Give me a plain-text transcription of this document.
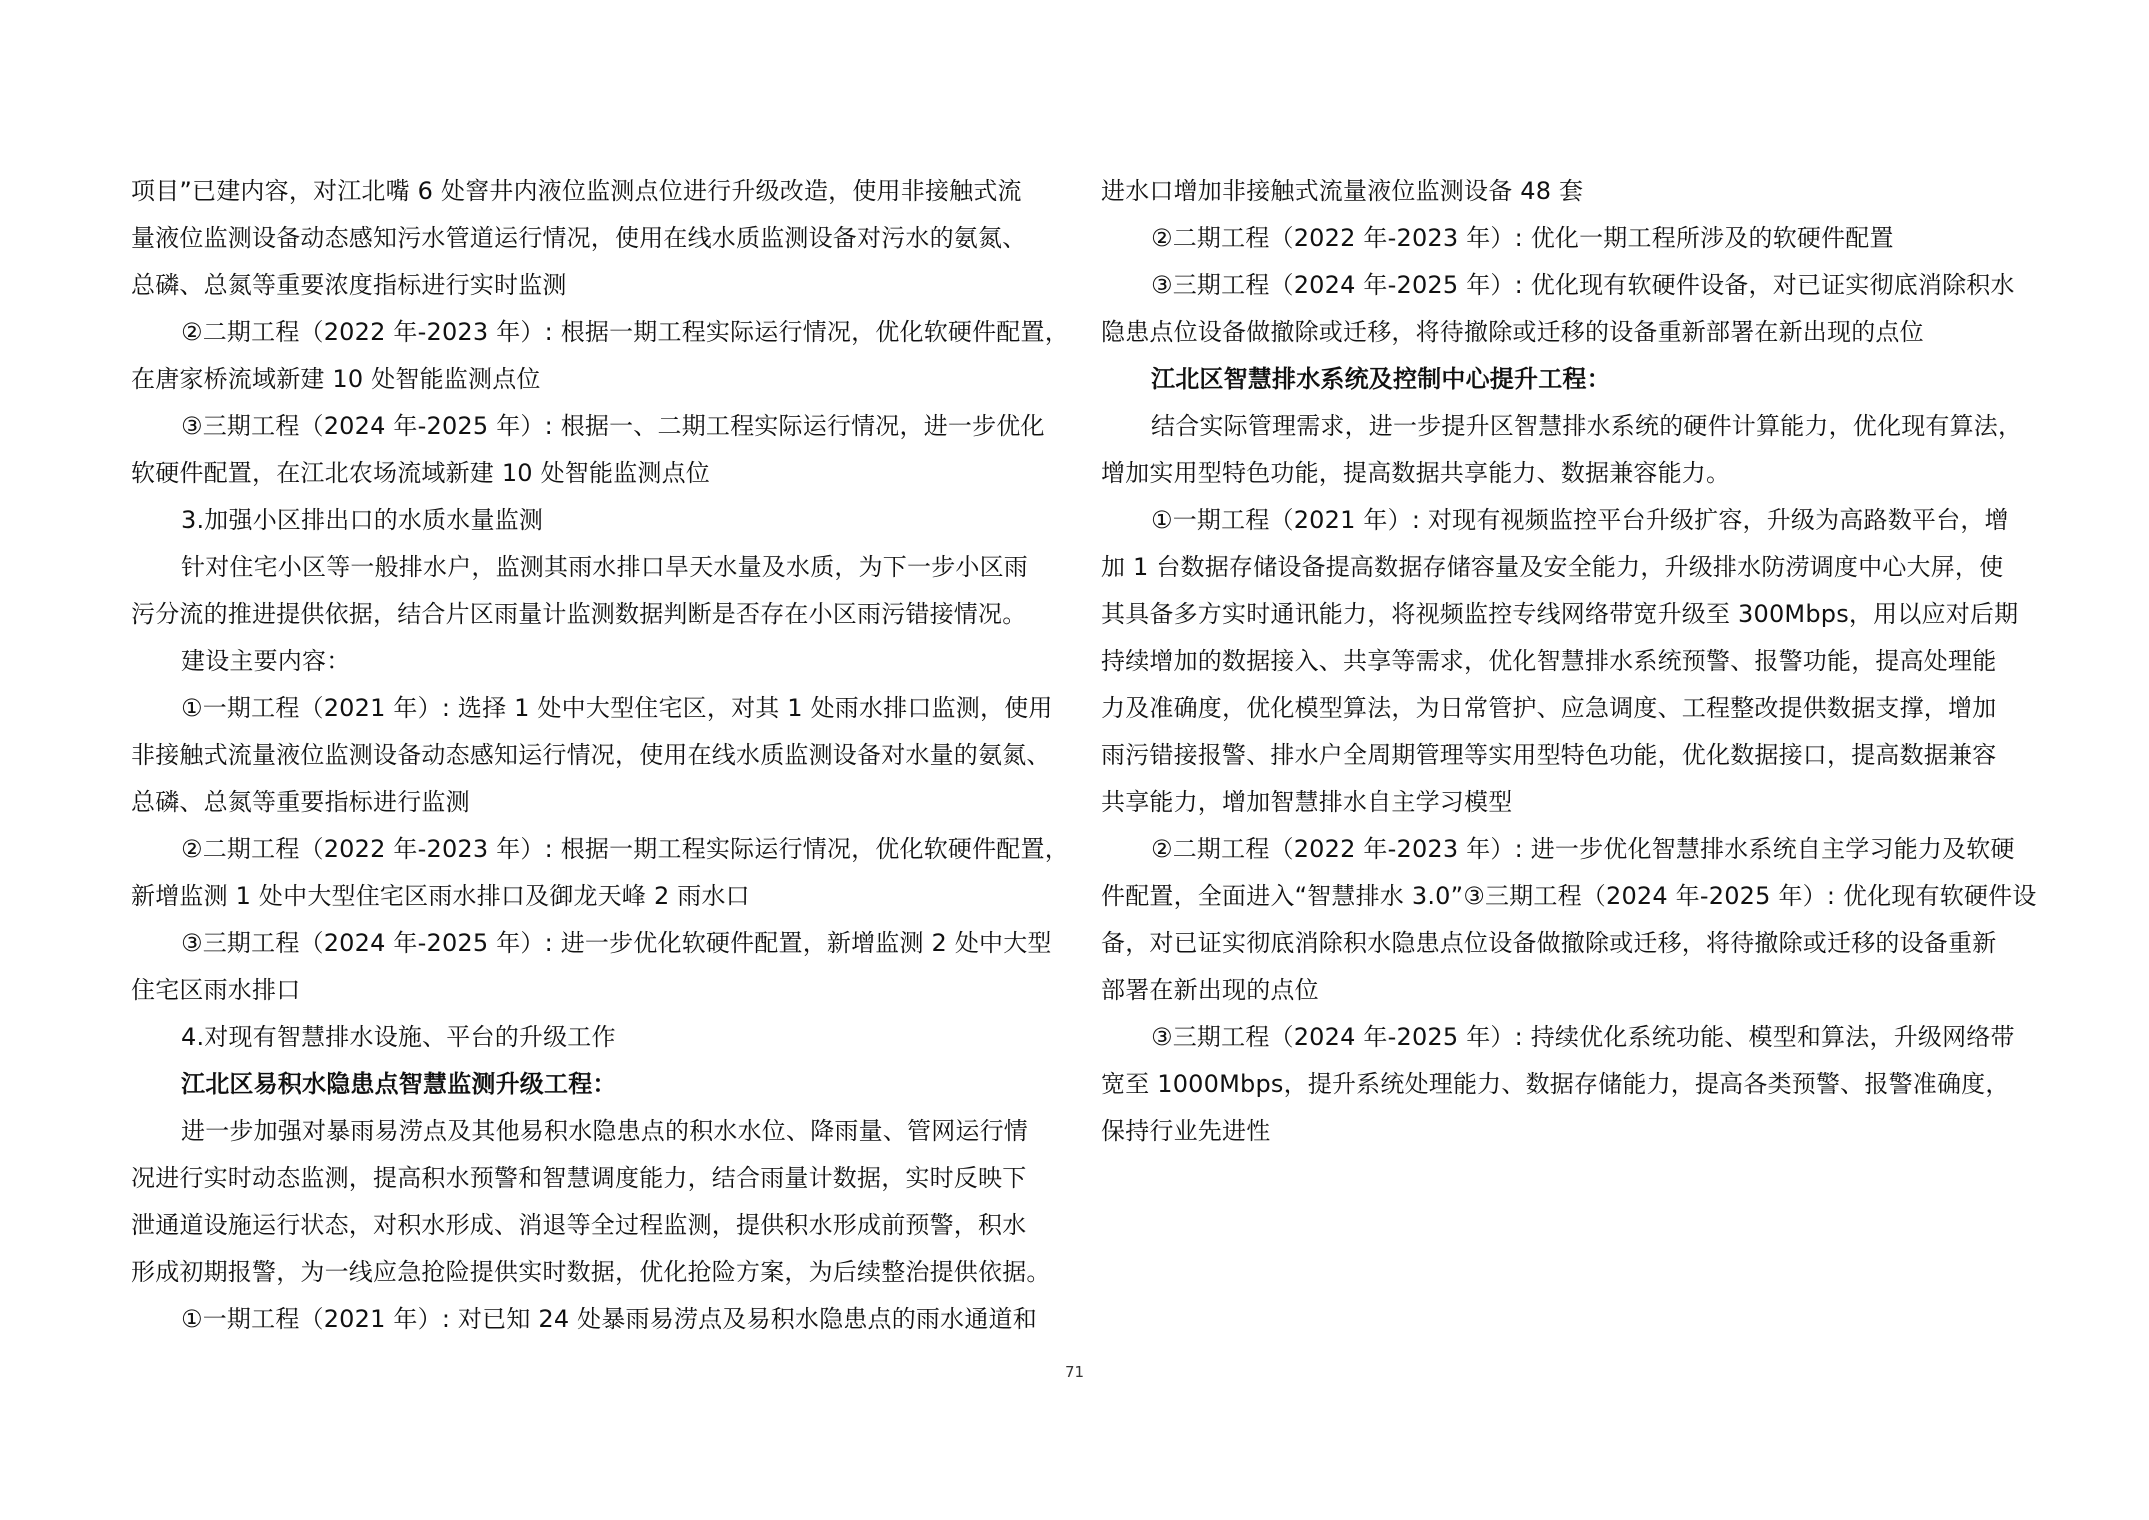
项目”已建内容，对江北嘴 6 处窨井内液位监测点位进行升级改造，使用非接触式流
量液位监测设备动态感知污水管道运行情况，使用在线水质监测设备对污水的氨氮、
总磷、总氮等重要浓度指标进行实时监测
②二期工程（2022 年-2023 年）: 根据一期工程实际运行情况，优化软硬件配置，
在唐家桥流域新建 10 处智能监测点位
③三期工程（2024 年-2025 年）: 根据一、二期工程实际运行情况，进一步优化
软硬件配置，在江北农场流域新建 10 处智能监测点位
3.加强小区排出口的水质水量监测
针对住宅小区等一般排水户，监测其雨水排口旱天水量及水质，为下一步小区雨
污分流的推进提供依据，结合片区雨量计监测数据判断是否存在小区雨污错接情况。
建设主要内容：
①一期工程（2021 年）: 选择 1 处中大型住宅区，对其 1 处雨水排口监测，使用
非接触式流量液位监测设备动态感知运行情况，使用在线水质监测设备对水量的氨氮、
总磷、总氮等重要指标进行监测
②二期工程（2022 年-2023 年）: 根据一期工程实际运行情况，优化软硬件配置，
新增监测 1 处中大型住宅区雨水排口及御龙天峰 2 雨水口
③三期工程（2024 年-2025 年）: 进一步优化软硬件配置，新增监测 2 处中大型
住宅区雨水排口
4.对现有智慧排水设施、平台的升级工作
江北区易积水隐患点智慧监测升级工程：
进一步加强对暴雨易涝点及其他易积水隐患点的积水水位、降雨量、管网运行情
况进行实时动态监测，提高积水预警和智慧调度能力，结合雨量计数据，实时反映下
泄通道设施运行状态，对积水形成、消退等全过程监测，提供积水形成前预警，积水
形成初期报警，为一线应急抢险提供实时数据，优化抢险方案，为后续整治提供依据。
①一期工程（2021 年）: 对已知 24 处暴雨易涝点及易积水隐患点的雨水通道和
进水口增加非接触式流量液位监测设备 48 套
②二期工程（2022 年-2023 年）: 优化一期工程所涉及的软硬件配置
③三期工程（2024 年-2025 年）: 优化现有软硬件设备，对已证实彻底消除积水
隐患点位设备做撤除或迁移，将待撤除或迁移的设备重新部署在新出现的点位
江北区智慧排水系统及控制中心提升工程：
结合实际管理需求，进一步提升区智慧排水系统的硬件计算能力，优化现有算法，
增加实用型特色功能，提高数据共享能力、数据兼容能力。
①一期工程（2021 年）: 对现有视频监控平台升级扩容，升级为高路数平台，增
加 1 台数据存储设备提高数据存储容量及安全能力，升级排水防涝调度中心大屏，使
其具备多方实时通讯能力，将视频监控专线网络带宽升级至 300Mbps，用以应对后期
持续增加的数据接入、共享等需求，优化智慧排水系统预警、报警功能，提高处理能
力及准确度，优化模型算法，为日常管护、应急调度、工程整改提供数据支撑，增加
雨污错接报警、排水户全周期管理等实用型特色功能，优化数据接口，提高数据兼容
共享能力，增加智慧排水自主学习模型
②二期工程（2022 年-2023 年）: 进一步优化智慧排水系统自主学习能力及软硬
件配置，全面进入“智慧排水 3.0”③三期工程（2024 年-2025 年）: 优化现有软硬件设
备，对已证实彻底消除积水隐患点位设备做撤除或迁移，将待撤除或迁移的设备重新
部署在新出现的点位
③三期工程（2024 年-2025 年）: 持续优化系统功能、模型和算法，升级网络带
宽至 1000Mbps，提升系统处理能力、数据存储能力，提高各类预警、报警准确度，
保持行业先进性
71
